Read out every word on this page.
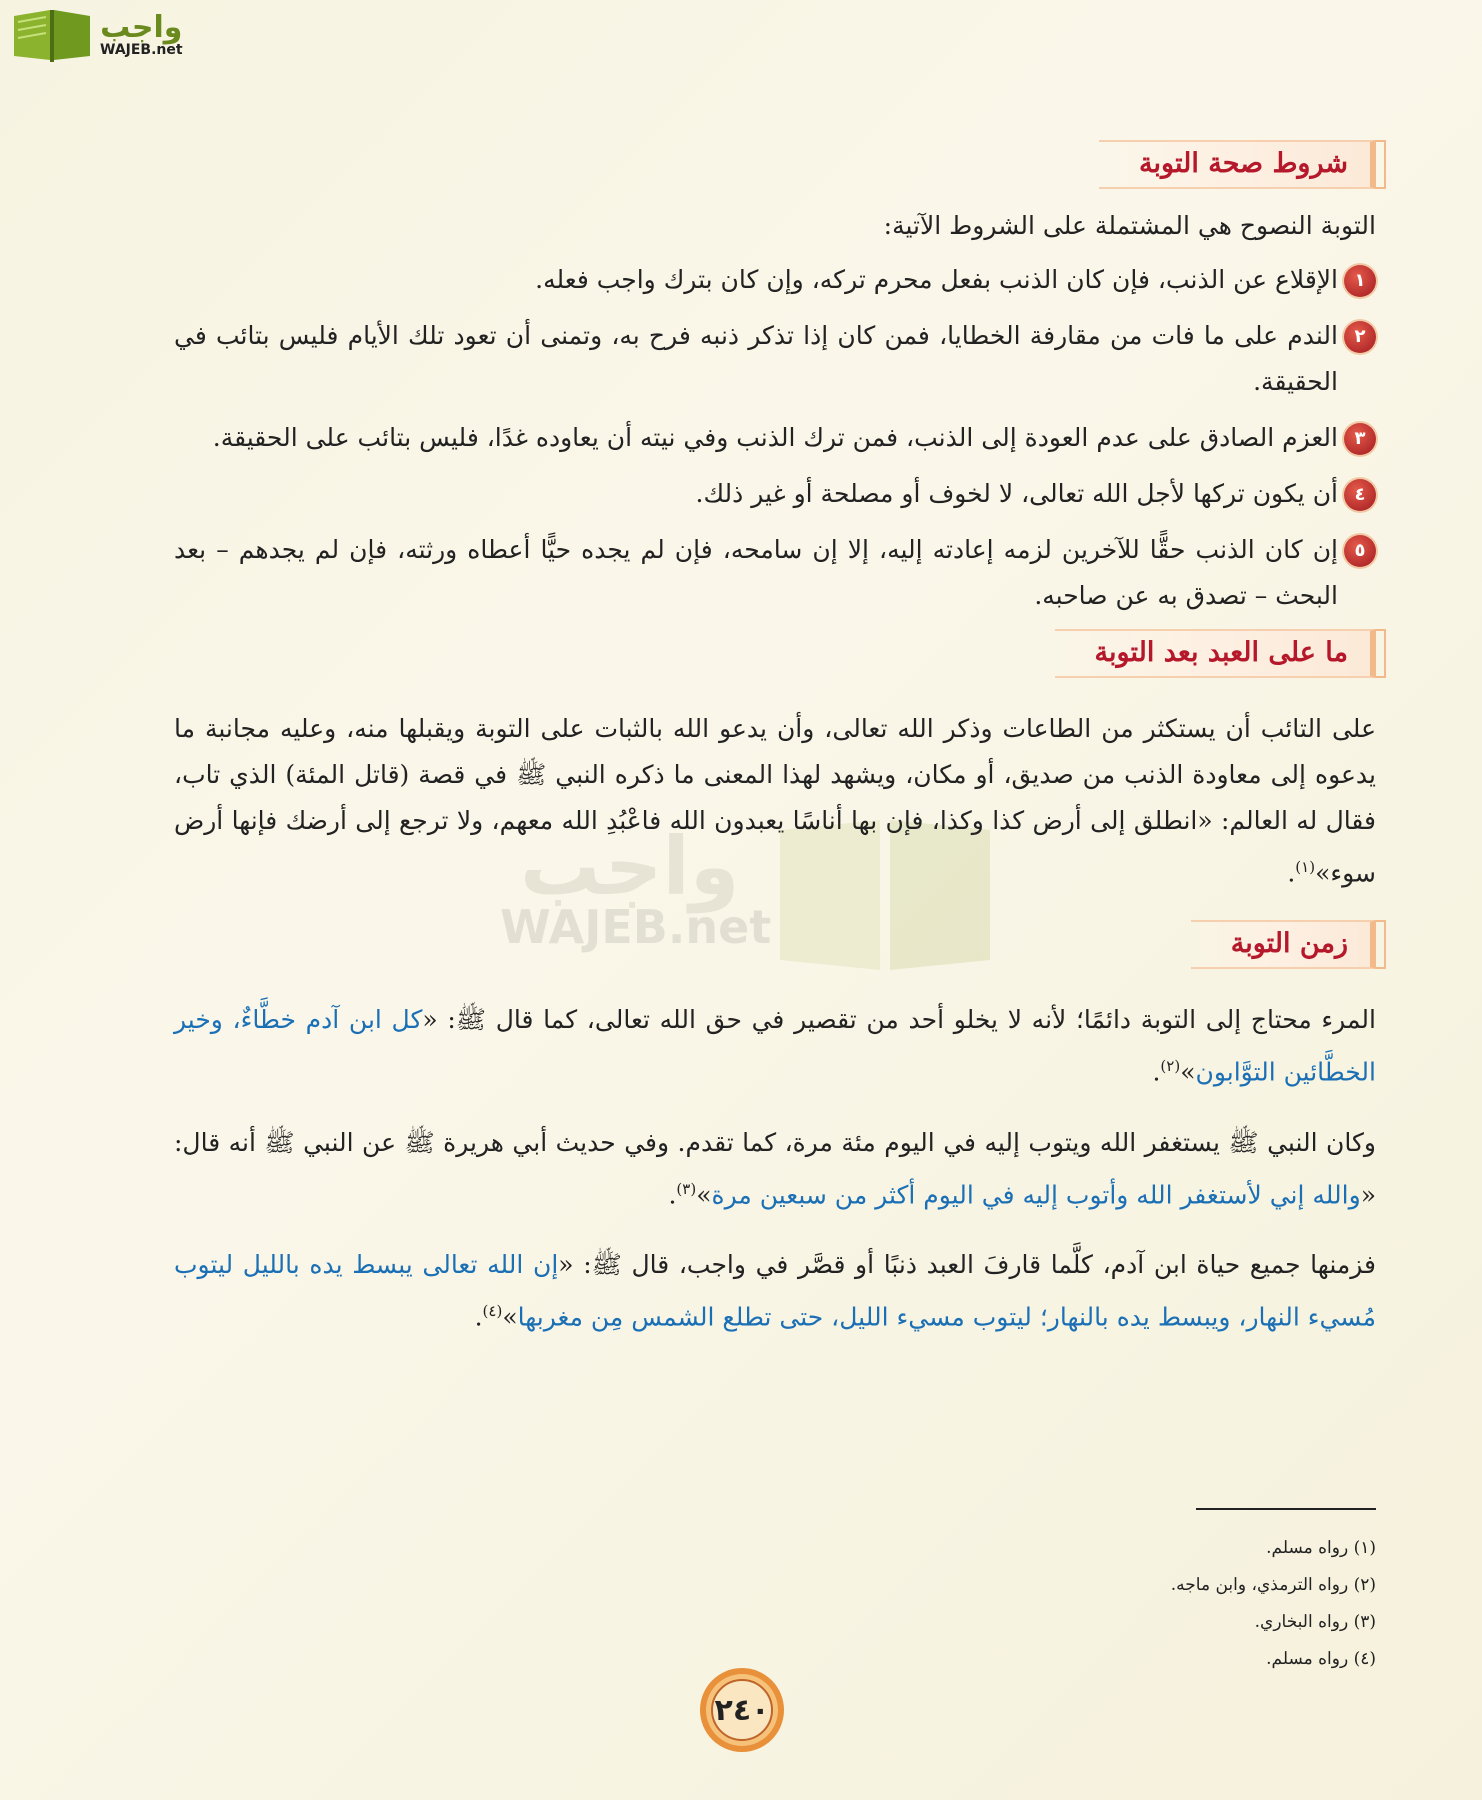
واجب
WAJEB.net
واجب
WAJEB.net
شروط صحة التوبة
التوبة النصوح هي المشتملة على الشروط الآتية:
١
الإقلاع عن الذنب، فإن كان الذنب بفعل محرم تركه، وإن كان بترك واجب فعله.
٢
الندم على ما فات من مقارفة الخطايا، فمن كان إذا تذكر ذنبه فرح به، وتمنى أن تعود تلك الأيام فليس بتائب في الحقيقة.
٣
العزم الصادق على عدم العودة إلى الذنب، فمن ترك الذنب وفي نيته أن يعاوده غدًا، فليس بتائب على الحقيقة.
٤
أن يكون تركها لأجل الله تعالى، لا لخوف أو مصلحة أو غير ذلك.
٥
إن كان الذنب حقًّا للآخرين لزمه إعادته إليه، إلا إن سامحه، فإن لم يجده حيًّا أعطاه ورثته، فإن لم يجدهم – بعد البحث – تصدق به عن صاحبه.
ما على العبد بعد التوبة
على التائب أن يستكثر من الطاعات وذكر الله تعالى، وأن يدعو الله بالثبات على التوبة ويقبلها منه، وعليه مجانبة ما يدعوه إلى معاودة الذنب من صديق، أو مكان، ويشهد لهذا المعنى ما ذكره النبي ﷺ في قصة (قاتل المئة) الذي تاب، فقال له العالم: «انطلق إلى أرض كذا وكذا، فإن بها أناسًا يعبدون الله فاعْبُدِ الله معهم، ولا ترجع إلى أرضك فإنها أرض سوء»$^{(١)}$.
زمن التوبة
المرء محتاج إلى التوبة دائمًا؛ لأنه لا يخلو أحد من تقصير في حق الله تعالى، كما قال ﷺ: «كل ابن آدم خطَّاءٌ، وخير الخطَّائين التوَّابون»$^{(٢)}$.
وكان النبي ﷺ يستغفر الله ويتوب إليه في اليوم مئة مرة، كما تقدم. وفي حديث أبي هريرة ﷺ عن النبي ﷺ أنه قال: «والله إني لأستغفر الله وأتوب إليه في اليوم أكثر من سبعين مرة»$^{(٣)}$.
فزمنها جميع حياة ابن آدم، كلَّما قارفَ العبد ذنبًا أو قصَّر في واجب، قال ﷺ: «إن الله تعالى يبسط يده بالليل ليتوب مُسيء النهار، ويبسط يده بالنهار؛ ليتوب مسيء الليل، حتى تطلع الشمس مِن مغربها»$^{(٤)}$.
(١) رواه مسلم.
(٢) رواه الترمذي، وابن ماجه.
(٣) رواه البخاري.
(٤) رواه مسلم.
٢٤٠
